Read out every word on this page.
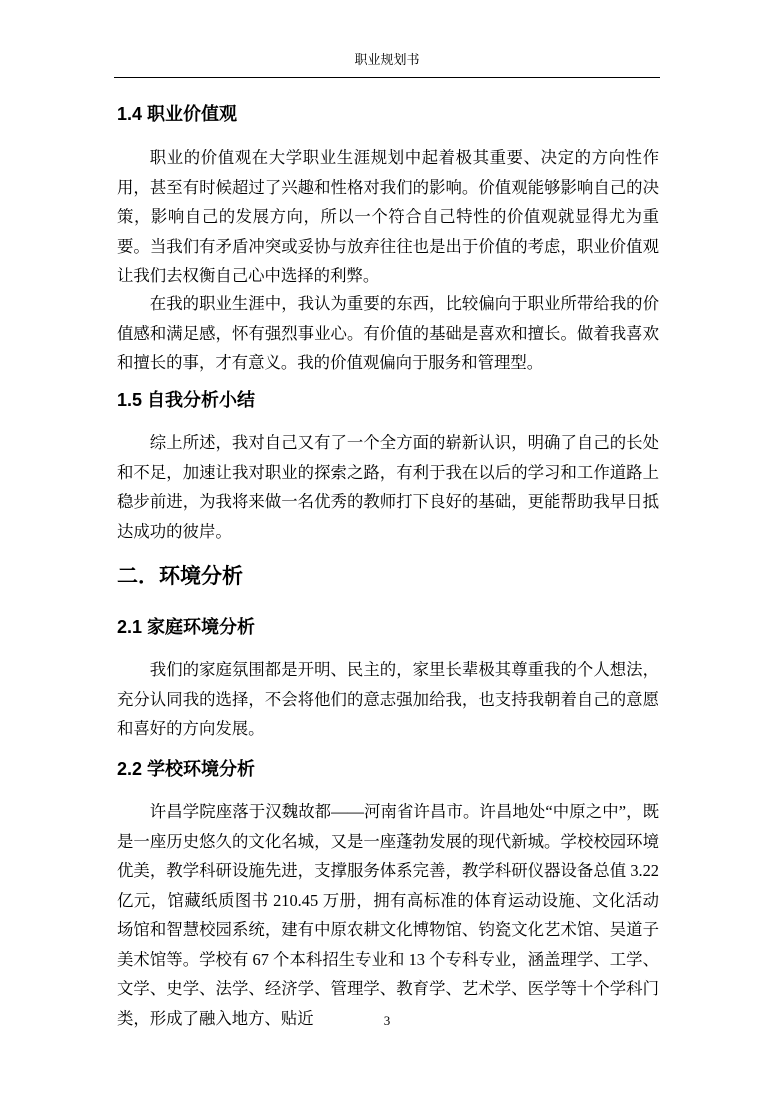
职业规划书
1.4 职业价值观

职业的价值观在大学职业生涯规划中起着极其重要、决定的方向性作用，甚至有时候超过了兴趣和性格对我们的影响。价值观能够影响自己的决策，影响自己的发展方向，所以一个符合自己特性的价值观就显得尤为重要。当我们有矛盾冲突或妥协与放弃往往也是出于价值的考虑，职业价值观让我们去权衡自己心中选择的利弊。

在我的职业生涯中，我认为重要的东西，比较偏向于职业所带给我的价值感和满足感，怀有强烈事业心。有价值的基础是喜欢和擅长。做着我喜欢和擅长的事，才有意义。我的价值观偏向于服务和管理型。

1.5 自我分析小结

综上所述，我对自己又有了一个全方面的崭新认识，明确了自己的长处和不足，加速让我对职业的探索之路，有利于我在以后的学习和工作道路上稳步前进，为我将来做一名优秀的教师打下良好的基础，更能帮助我早日抵达成功的彼岸。

二．环境分析
2.1 家庭环境分析

我们的家庭氛围都是开明、民主的，家里长辈极其尊重我的个人想法， 充分认同我的选择，不会将他们的意志强加给我，也支持我朝着自己的意愿和喜好的方向发展。

2.2 学校环境分析

许昌学院座落于汉魏故都——河南省许昌市。许昌地处“中原之中”，既是一座历史悠久的文化名城，又是一座蓬勃发展的现代新城。学校校园环境优美，教学科研设施先进，支撑服务体系完善，教学科研仪器设备总值 3.22 亿元，馆藏纸质图书 210.45 万册，拥有高标准的体育运动设施、文化活动场馆和智慧校园系统，建有中原农耕文化博物馆、钧瓷文化艺术馆、吴道子美术馆等。学校有 67 个本科招生专业和 13 个专科专业，涵盖理学、工学、文学、史学、法学、经济学、管理学、教育学、艺术学、医学等十个学科门类，形成了融入地方、贴近	3
